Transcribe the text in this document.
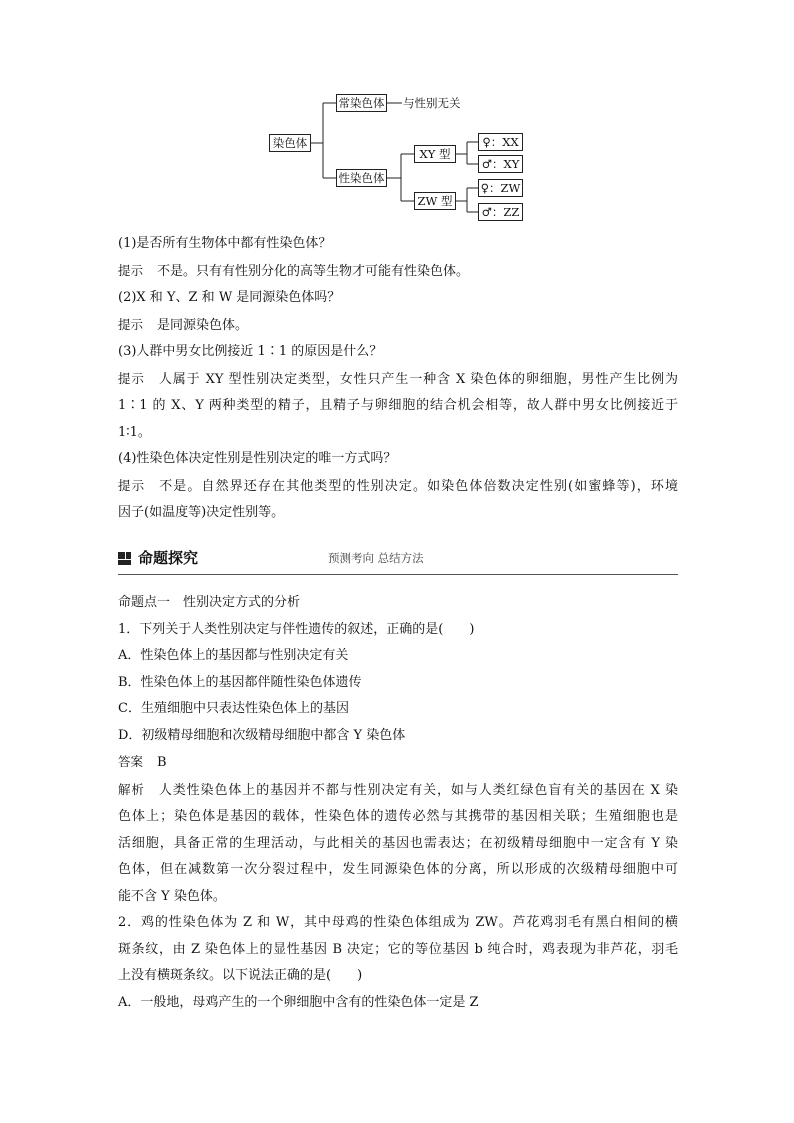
染色体
常染色体 与性别无关
性染色体
XY 型
ZW 型
♀：XX
♂：XY
♀：ZW
♂：ZZ
(1)是否所有生物体中都有性染色体？
提示 不是。只有有性别分化的高等生物才可能有性染色体。
(2)X 和 Y、Z 和 W 是同源染色体吗？
提示 是同源染色体。
(3)人群中男女比例接近 1∶1 的原因是什么？
提示 人属于 XY 型性别决定类型，女性只产生一种含 X 染色体的卵细胞，男性产生比例为
1∶1 的 X、Y 两种类型的精子，且精子与卵细胞的结合机会相等，故人群中男女比例接近于
1∶1。
(4)性染色体决定性别是性别决定的唯一方式吗？
提示 不是。自然界还存在其他类型的性别决定。如染色体倍数决定性别(如蜜蜂等)，环境
因子(如温度等)决定性别等。
命题探究	预测考向 总结方法
命题点一　性别决定方式的分析
1．下列关于人类性别决定与伴性遗传的叙述，正确的是(　　)
A．性染色体上的基因都与性别决定有关
B．性染色体上的基因都伴随性染色体遗传
C．生殖细胞中只表达性染色体上的基因
D．初级精母细胞和次级精母细胞中都含 Y 染色体
答案 B
解析 人类性染色体上的基因并不都与性别决定有关，如与人类红绿色盲有关的基因在 X 染
色体上；染色体是基因的载体，性染色体的遗传必然与其携带的基因相关联；生殖细胞也是
活细胞，具备正常的生理活动，与此相关的基因也需表达；在初级精母细胞中一定含有 Y 染
色体，但在减数第一次分裂过程中，发生同源染色体的分离，所以形成的次级精母细胞中可
能不含 Y 染色体。
2．鸡的性染色体为 Z 和 W，其中母鸡的性染色体组成为 ZW。芦花鸡羽毛有黑白相间的横
斑条纹，由 Z 染色体上的显性基因 B 决定；它的等位基因 b 纯合时，鸡表现为非芦花，羽毛
上没有横斑条纹。以下说法正确的是(　　)
A．一般地，母鸡产生的一个卵细胞中含有的性染色体一定是 Z
